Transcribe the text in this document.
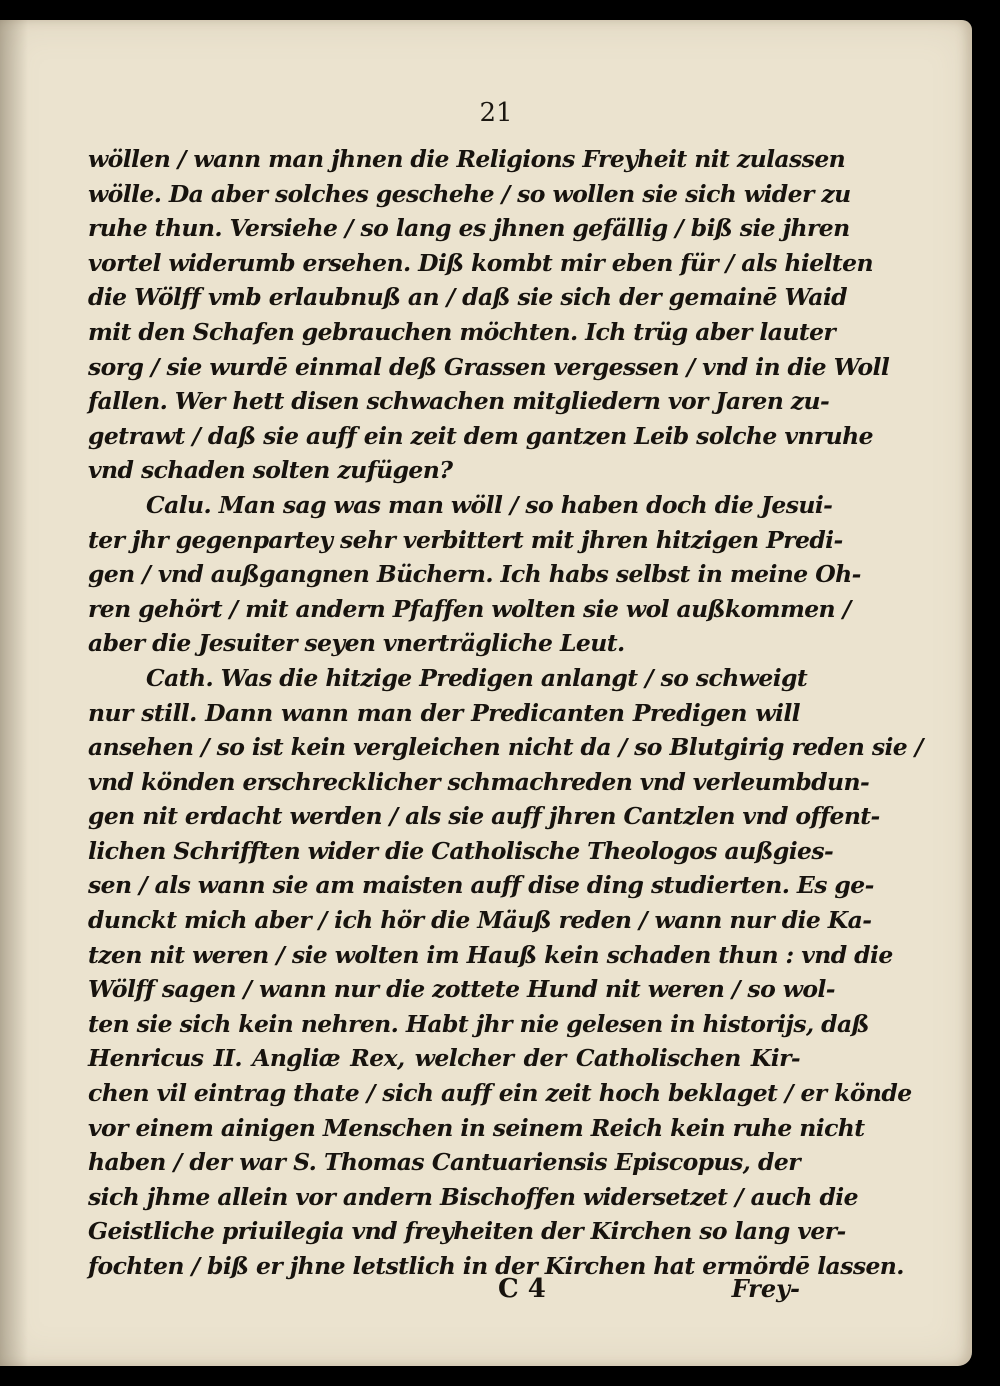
21

wöllen / wann man jhnen die Religions Freyheit nit zulassen
wölle. Da aber solches geschehe / so wollen sie sich wider zu
ruhe thun. Versiehe / so lang es jhnen gefällig / biß sie jhren
vortel widerumb ersehen. Diß kombt mir eben für / als hielten
die Wölff vmb erlaubnuß an / daß sie sich der gemainē Waid
mit den Schafen gebrauchen möchten. Ich trüg aber lauter
sorg / sie wurdē einmal deß Grassen vergessen / vnd in die Woll
fallen. Wer hett disen schwachen mitgliedern vor Jaren zu-
getrawt / daß sie auff ein zeit dem gantzen Leib solche vnruhe
vnd schaden solten zufügen?
Calu. Man sag was man wöll / so haben doch die Jesui-
ter jhr gegenpartey sehr verbittert mit jhren hitzigen Predi-
gen / vnd außgangnen Büchern. Ich habs selbst in meine Oh-
ren gehört / mit andern Pfaffen wolten sie wol außkommen /
aber die Jesuiter seyen vnerträgliche Leut.
Cath. Was die hitzige Predigen anlangt / so schweigt
nur still. Dann wann man der Predicanten Predigen will
ansehen / so ist kein vergleichen nicht da / so Blutgirig reden sie /
vnd könden erschrecklicher schmachreden vnd verleumbdun-
gen nit erdacht werden / als sie auff jhren Cantzlen vnd offent-
lichen Schrifften wider die Catholische Theologos außgies-
sen / als wann sie am maisten auff dise ding studierten. Es ge-
dunckt mich aber / ich hör die Mäuß reden / wann nur die Ka-
tzen nit weren / sie wolten im Hauß kein schaden thun : vnd die
Wölff sagen / wann nur die zottete Hund nit weren / so wol-
ten sie sich kein nehren. Habt jhr nie gelesen in historijs, daß
Henricus II. Angliæ Rex, welcher der Catholischen Kir-
chen vil eintrag thate / sich auff ein zeit hoch beklaget / er könde
vor einem ainigen Menschen in seinem Reich kein ruhe nicht
haben / der war S. Thomas Cantuariensis Episcopus, der
sich jhme allein vor andern Bischoffen widersetzet / auch die
Geistliche priuilegia vnd freyheiten der Kirchen so lang ver-
fochten / biß er jhne letstlich in der Kirchen hat ermördē lassen.
C 4	Frey-
